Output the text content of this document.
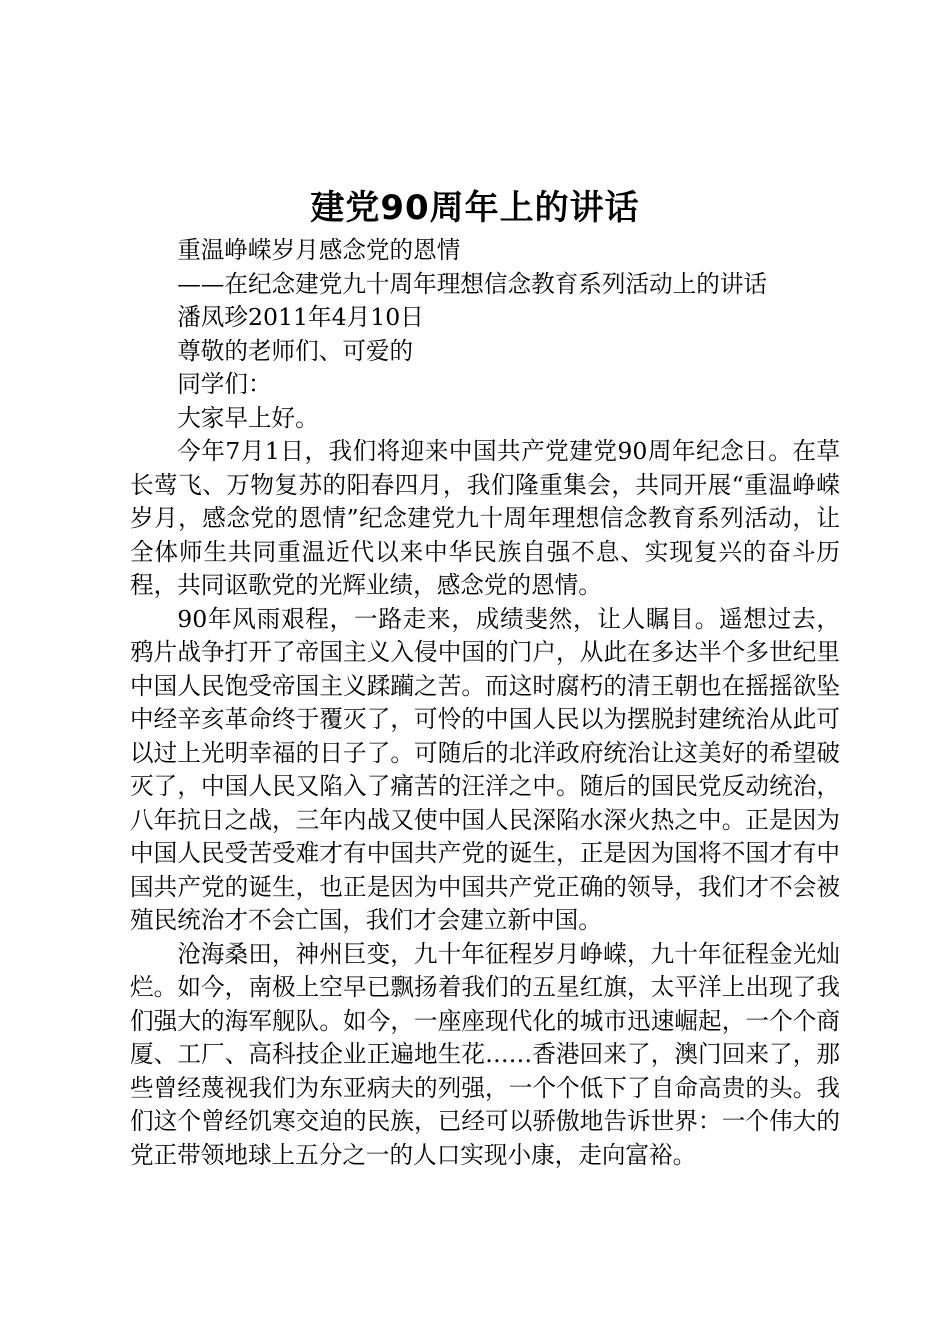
建党90周年上的讲话

重温峥嵘岁月感念党的恩情

——在纪念建党九十周年理想信念教育系列活动上的讲话

潘凤珍2011年4月10日

尊敬的老师们、可爱的

同学们：

大家早上好。

今年7月1日，我们将迎来中国共产党建党90周年纪念日。在草长莺飞、万物复苏的阳春四月，我们隆重集会，共同开展“重温峥嵘岁月，感念党的恩情”纪念建党九十周年理想信念教育系列活动，让全体师生共同重温近代以来中华民族自强不息、实现复兴的奋斗历程，共同讴歌党的光辉业绩，感念党的恩情。

90年风雨艰程，一路走来，成绩斐然，让人瞩目。遥想过去，鸦片战争打开了帝国主义入侵中国的门户，从此在多达半个多世纪里中国人民饱受帝国主义蹂躏之苦。而这时腐朽的清王朝也在摇摇欲坠中经辛亥革命终于覆灭了，可怜的中国人民以为摆脱封建统治从此可以过上光明幸福的日子了。可随后的北洋政府统治让这美好的希望破灭了，中国人民又陷入了痛苦的汪洋之中。随后的国民党反动统治，八年抗日之战，三年内战又使中国人民深陷水深火热之中。正是因为中国人民受苦受难才有中国共产党的诞生，正是因为国将不国才有中国共产党的诞生，也正是因为中国共产党正确的领导，我们才不会被殖民统治才不会亡国，我们才会建立新中国。

沧海桑田，神州巨变，九十年征程岁月峥嵘，九十年征程金光灿烂。如今，南极上空早已飘扬着我们的五星红旗，太平洋上出现了我们强大的海军舰队。如今，一座座现代化的城市迅速崛起，一个个商厦、工厂、高科技企业正遍地生花……香港回来了，澳门回来了，那些曾经蔑视我们为东亚病夫的列强，一个个低下了自命高贵的头。我们这个曾经饥寒交迫的民族，已经可以骄傲地告诉世界：一个伟大的党正带领地球上五分之一的人口实现小康，走向富裕。
